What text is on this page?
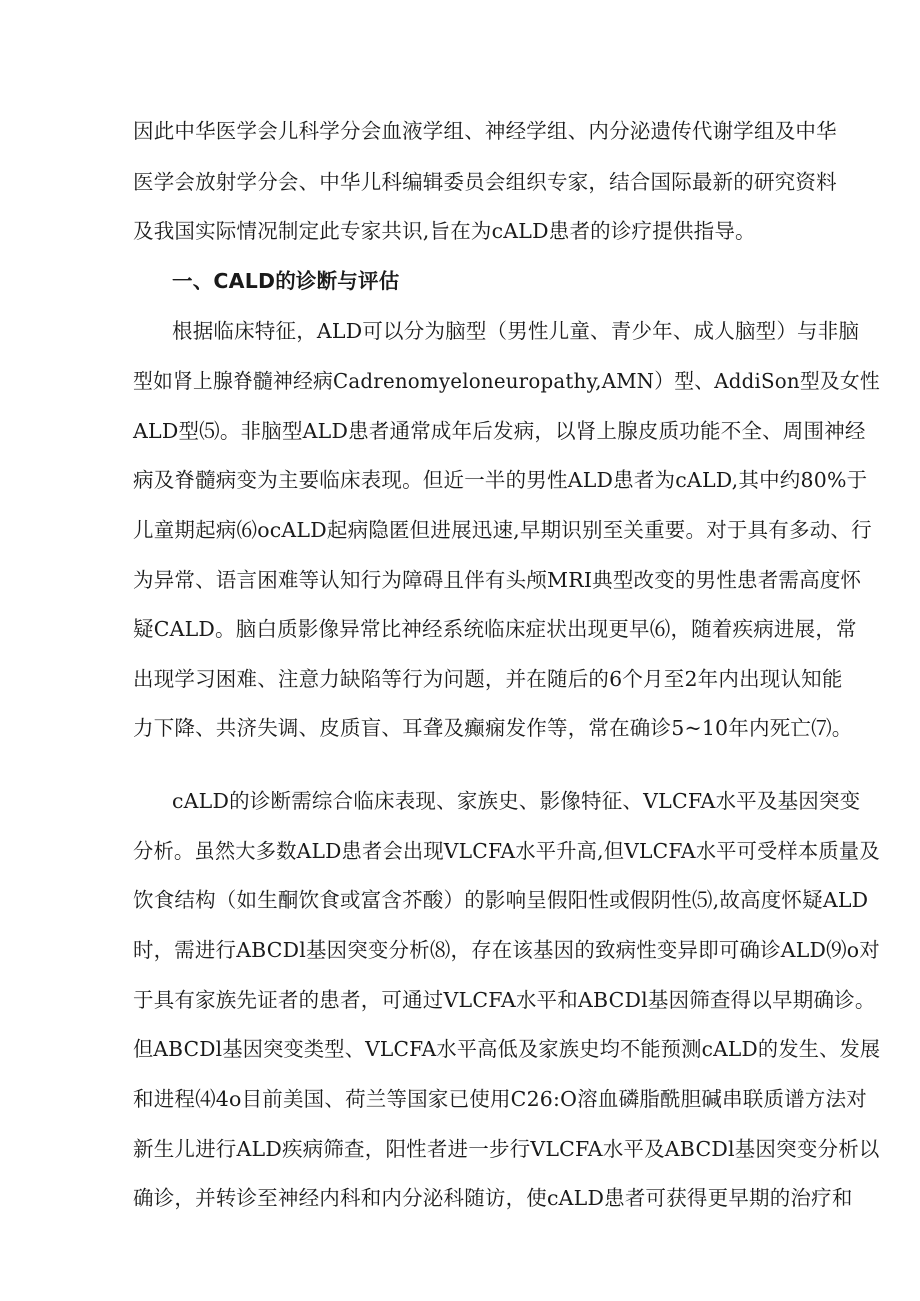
因此中华医学会儿科学分会血液学组、神经学组、内分泌遗传代谢学组及中华
医学会放射学分会、中华儿科编辑委员会组织专家，结合国际最新的研究资料
及我国实际情况制定此专家共识,旨在为cALD患者的诊疗提供指导。
一、CALD的诊断与评估
根据临床特征，ALD可以分为脑型（男性儿童、青少年、成人脑型）与非脑
型如肾上腺脊髓神经病Cadrenomyeloneuropathy,AMN）型、AddiSon型及女性
ALD型⑸。非脑型ALD患者通常成年后发病，以肾上腺皮质功能不全、周围神经
病及脊髓病变为主要临床表现。但近一半的男性ALD患者为cALD,其中约80%于
儿童期起病⑹ocALD起病隐匿但进展迅速,早期识别至关重要。对于具有多动、行
为异常、语言困难等认知行为障碍且伴有头颅MRI典型改变的男性患者需高度怀
疑CALD。脑白质影像异常比神经系统临床症状出现更早⑹，随着疾病进展，常
出现学习困难、注意力缺陷等行为问题，并在随后的6个月至2年内出现认知能
力下降、共济失调、皮质盲、耳聋及癫痫发作等，常在确诊5~10年内死亡⑺。
cALD的诊断需综合临床表现、家族史、影像特征、VLCFA水平及基因突变
分析。虽然大多数ALD患者会出现VLCFA水平升高,但VLCFA水平可受样本质量及
饮食结构（如生酮饮食或富含芥酸）的影响呈假阳性或假阴性⑸,故高度怀疑ALD
时，需进行ABCDl基因突变分析⑻，存在该基因的致病性变异即可确诊ALD⑼o对
于具有家族先证者的患者，可通过VLCFA水平和ABCDl基因筛查得以早期确诊。
但ABCDl基因突变类型、VLCFA水平高低及家族史均不能预测cALD的发生、发展
和进程⑷4o目前美国、荷兰等国家已使用C26:O溶血磷脂酰胆碱串联质谱方法对
新生儿进行ALD疾病筛查，阳性者进一步行VLCFA水平及ABCDl基因突变分析以
确诊，并转诊至神经内科和内分泌科随访，使cALD患者可获得更早期的治疗和
